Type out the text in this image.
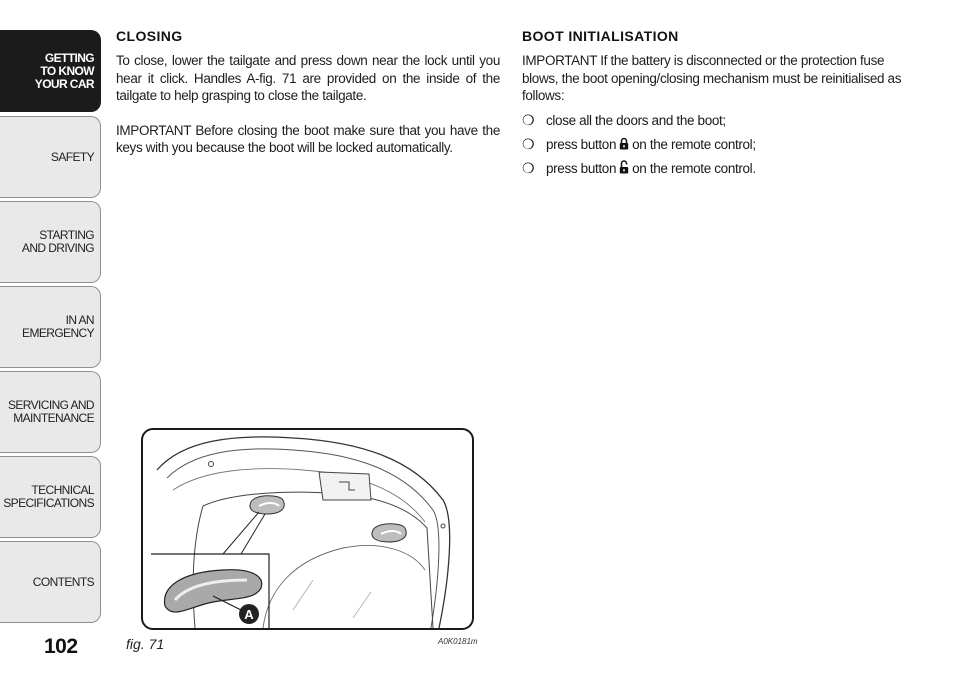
GETTING
TO KNOW
YOUR CAR
SAFETY
STARTING
AND DRIVING
IN AN
EMERGENCY
SERVICING AND
MAINTENANCE
TECHNICAL
SPECIFICATIONS
CONTENTS
102
CLOSING

To close, lower the tailgate and press down near the lock until you hear it click. Handles A-fig. 71 are provided on the inside of the tailgate to help grasping to close the tailgate.

IMPORTANT Before closing the boot make sure that you have the keys with you because the boot will be locked automatically.

BOOT INITIALISATION

IMPORTANT If the battery is disconnected or the protection fuse blows, the boot opening/closing mechanism must be reinitialised as follows:

❍ close all the doors and the boot;
❍ press button on the remote control;
❍ press button on the remote control.
A
fig. 71	A0K0181m
